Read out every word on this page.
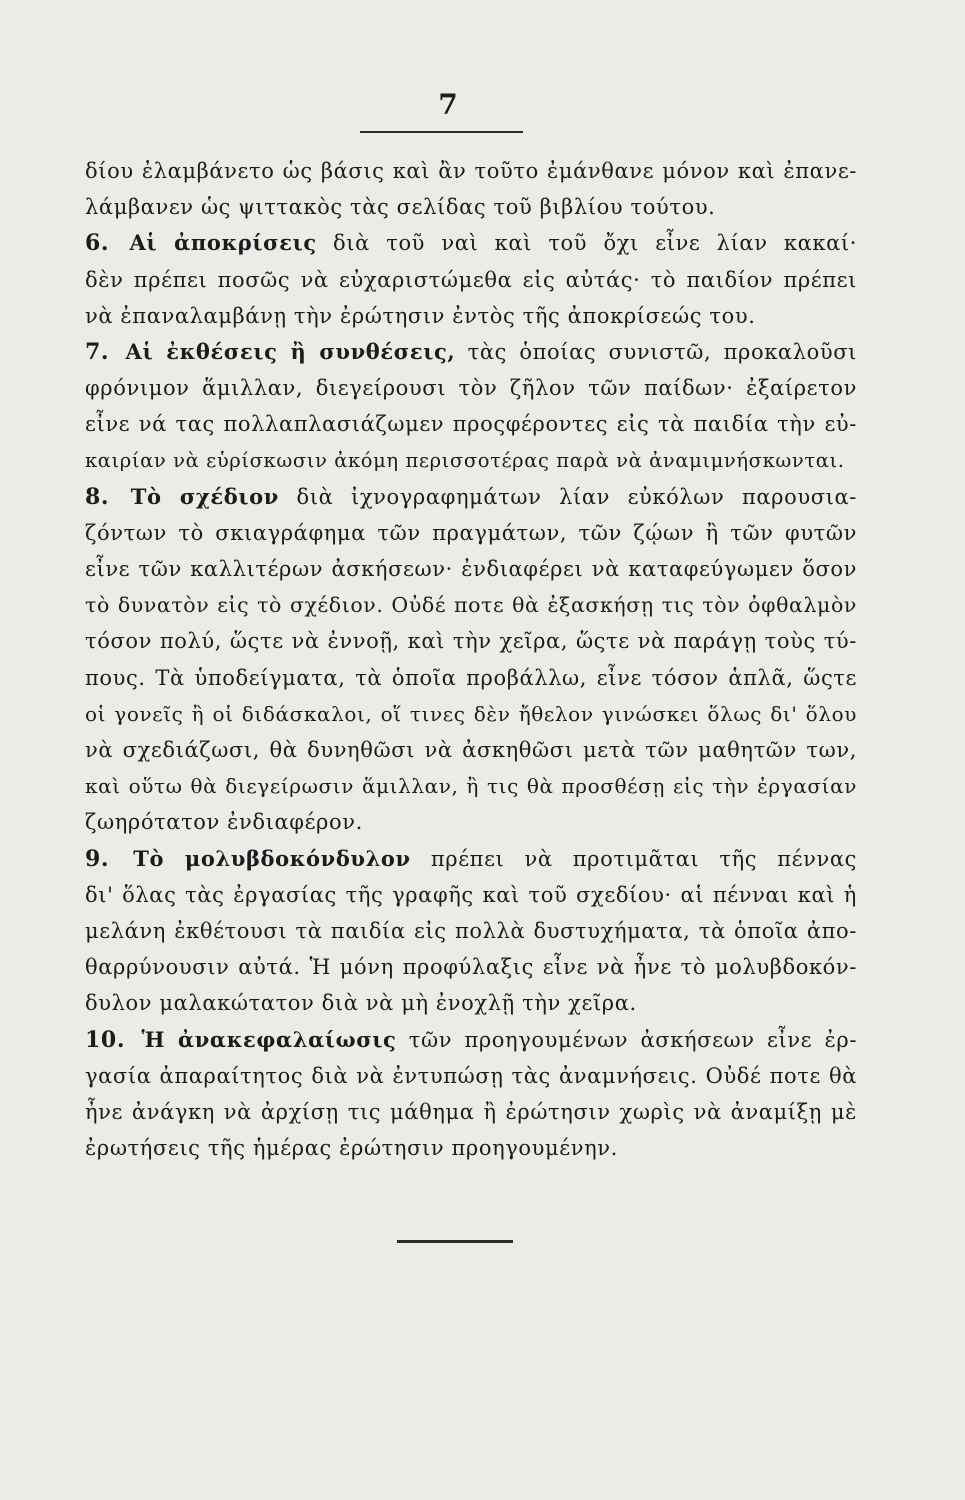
7
δίου ἐλαμβάνετο ὡς βάσις καὶ ἂν τοῦτο ἐμάνθανε μόνον καὶ ἐπανε-
λάμβανεν ὡς ψιττακὸς τὰς σελίδας τοῦ βιβλίου τούτου.
6. Αἱ ἀποκρίσεις διὰ τοῦ ναὶ καὶ τοῦ ὄχι εἶνε λίαν κακαί·
δὲν πρέπει ποσῶς νὰ εὐχαριστώμεθα εἰς αὐτάς· τὸ παιδίον πρέπει
νὰ ἐπαναλαμβάνῃ τὴν ἐρώτησιν ἐντὸς τῆς ἀποκρίσεώς του.
7. Αἱ ἐκθέσεις ἢ συνθέσεις, τὰς ὁποίας συνιστῶ, προκαλοῦσι
φρόνιμον ἅμιλλαν, διεγείρουσι τὸν ζῆλον τῶν παίδων· ἐξαίρετον
εἶνε νά τας πολλαπλασιάζωμεν προςφέροντες εἰς τὰ παιδία τὴν εὐ-
καιρίαν νὰ εὑρίσκωσιν ἀκόμη περισσοτέρας παρὰ νὰ ἀναμιμνήσκωνται.
8. Τὸ σχέδιον διὰ ἰχνογραφημάτων λίαν εὐκόλων παρουσια-
ζόντων τὸ σκιαγράφημα τῶν πραγμάτων, τῶν ζῴων ἢ τῶν φυτῶν
εἶνε τῶν καλλιτέρων ἀσκήσεων· ἐνδιαφέρει νὰ καταφεύγωμεν ὅσον
τὸ δυνατὸν εἰς τὸ σχέδιον. Οὐδέ ποτε θὰ ἐξασκήσῃ τις τὸν ὀφθαλμὸν
τόσον πολύ, ὥςτε νὰ ἐννοῇ, καὶ τὴν χεῖρα, ὥςτε νὰ παράγῃ τοὺς τύ-
πους. Τὰ ὑποδείγματα, τὰ ὁποῖα προβάλλω, εἶνε τόσον ἁπλᾶ, ὥςτε
οἱ γονεῖς ἢ οἱ διδάσκαλοι, οἵ τινες δὲν ἤθελον γινώσκει ὅλως δι' ὅλου
νὰ σχεδιάζωσι, θὰ δυνηθῶσι νὰ ἀσκηθῶσι μετὰ τῶν μαθητῶν των,
καὶ οὕτω θὰ διεγείρωσιν ἅμιλλαν, ἢ τις θὰ προσθέσῃ εἰς τὴν ἐργασίαν
ζωηρότατον ἐνδιαφέρον.
9. Τὸ μολυβδοκόνδυλον πρέπει νὰ προτιμᾶται τῆς πέννας
δι' ὅλας τὰς ἐργασίας τῆς γραφῆς καὶ τοῦ σχεδίου· αἱ πένναι καὶ ἡ
μελάνη ἐκθέτουσι τὰ παιδία εἰς πολλὰ δυστυχήματα, τὰ ὁποῖα ἀπο-
θαρρύνουσιν αὐτά. Ἡ μόνη προφύλαξις εἶνε νὰ ἦνε τὸ μολυβδοκόν-
δυλον μαλακώτατον διὰ νὰ μὴ ἐνοχλῇ τὴν χεῖρα.
10. Ἡ ἀνακεφαλαίωσις τῶν προηγουμένων ἀσκήσεων εἶνε ἐρ-
γασία ἀπαραίτητος διὰ νὰ ἐντυπώσῃ τὰς ἀναμνήσεις. Οὐδέ ποτε θὰ
ἦνε ἀνάγκη νὰ ἀρχίσῃ τις μάθημα ἢ ἐρώτησιν χωρὶς νὰ ἀναμίξῃ μὲ
ἐρωτήσεις τῆς ἡμέρας ἐρώτησιν προηγουμένην.
